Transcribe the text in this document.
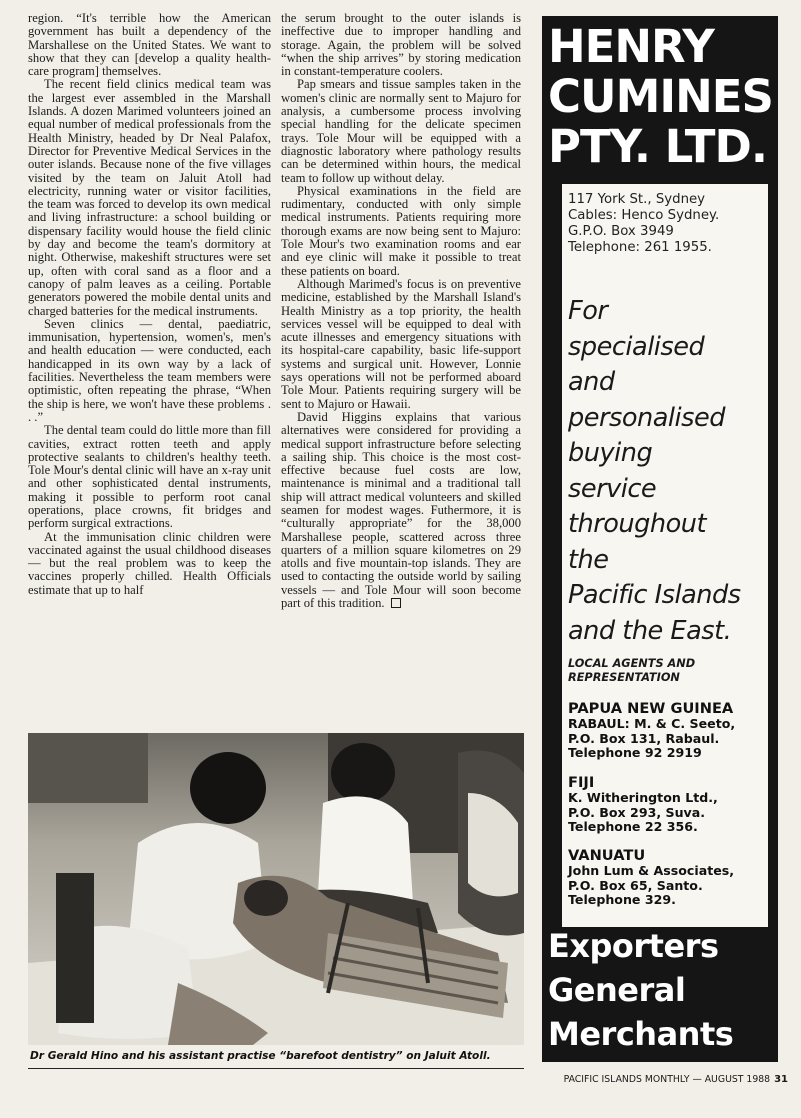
region. “It's terrible how the American government has built a dependency of the Marshallese on the United States. We want to show that they can [develop a quality health-care program] themselves.

The recent field clinics medical team was the largest ever assembled in the Marshall Islands. A dozen Marimed volunteers joined an equal number of medical professionals from the Health Ministry, headed by Dr Neal Palafox, Director for Preventive Medical Services in the outer islands. Because none of the five villages visited by the team on Jaluit Atoll had electricity, running water or visitor facilities, the team was forced to develop its own medical and living infrastructure: a school building or dispensary facility would house the field clinic by day and become the team's dormitory at night. Otherwise, makeshift structures were set up, often with coral sand as a floor and a canopy of palm leaves as a ceiling. Portable generators powered the mobile dental units and charged batteries for the medical instruments.

Seven clinics — dental, paediatric, immunisation, hypertension, women's, men's and health education — were conducted, each handicapped in its own way by a lack of facilities. Nevertheless the team members were optimistic, often repeating the phrase, “When the ship is here, we won't have these problems . . .”

The dental team could do little more than fill cavities, extract rotten teeth and apply protective sealants to children's healthy teeth. Tole Mour's dental clinic will have an x-ray unit and other sophisticated dental instruments, making it possible to perform root canal operations, place crowns, fit bridges and perform surgical extractions.

At the immunisation clinic children were vaccinated against the usual childhood diseases — but the real problem was to keep the vaccines properly chilled. Health Officials estimate that up to half

the serum brought to the outer islands is ineffective due to improper handling and storage. Again, the problem will be solved “when the ship arrives” by storing medication in constant-temperature coolers.

Pap smears and tissue samples taken in the women's clinic are normally sent to Majuro for analysis, a cumbersome process involving special handling for the delicate specimen trays. Tole Mour will be equipped with a diagnostic laboratory where pathology results can be determined within hours, the medical team to follow up without delay.

Physical examinations in the field are rudimentary, conducted with only simple medical instruments. Patients requiring more thorough exams are now being sent to Majuro: Tole Mour's two examination rooms and ear and eye clinic will make it possible to treat these patients on board.

Although Marimed's focus is on preventive medicine, established by the Marshall Island's Health Ministry as a top priority, the health services vessel will be equipped to deal with acute illnesses and emergency situations with its hospital-care capability, basic life-support systems and surgical unit. However, Lonnie says operations will not be performed aboard Tole Mour. Patients requiring surgery will be sent to Majuro or Hawaii.

David Higgins explains that various alternatives were considered for providing a medical support infrastructure before selecting a sailing ship. This choice is the most cost-effective because fuel costs are low, maintenance is minimal and a traditional tall ship will attract medical volunteers and skilled seamen for modest wages. Futhermore, it is “culturally appropriate” for the 38,000 Marshallese people, scattered across three quarters of a million square kilometres on 29 atolls and five mountain-top islands. They are used to contacting the outside world by sailing vessels — and Tole Mour will soon become part of this tradition.

Dr Gerald Hino and his assistant practise “barefoot dentistry” on Jaluit Atoll.
HENRY
CUMINES
PTY. LTD.
117 York St., Sydney
Cables: Henco Sydney.
G.P.O. Box 3949
Telephone: 261 1955.
For
specialised
and
personalised
buying
service
throughout
the
Pacific Islands
and the East.
LOCAL AGENTS AND
REPRESENTATION
PAPUA NEW GUINEA
RABAUL: M. & C. Seeto,
P.O. Box 131, Rabaul.
Telephone 92 2919
FIJI
K. Witherington Ltd.,
P.O. Box 293, Suva.
Telephone 22 356.
VANUATU
John Lum & Associates,
P.O. Box 65, Santo.
Telephone 329.
Exporters
General
Merchants
PACIFIC ISLANDS MONTHLY — AUGUST 1988 31
